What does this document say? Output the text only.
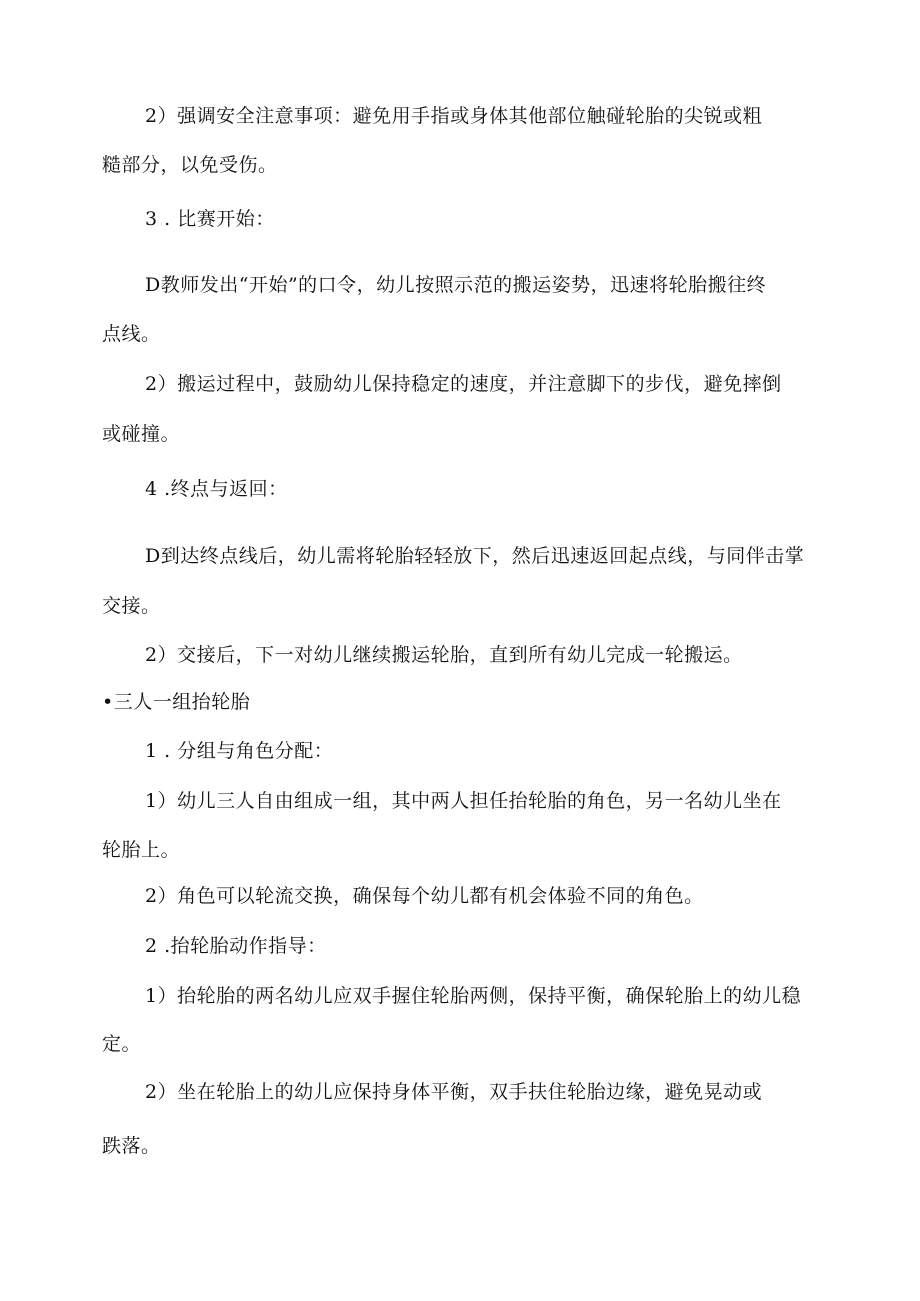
2）强调安全注意事项：避免用手指或身体其他部位触碰轮胎的尖锐或粗
糙部分，以免受伤。
3 . 比赛开始：
D教师发出“开始”的口令，幼儿按照示范的搬运姿势，迅速将轮胎搬往终
点线。
2）搬运过程中，鼓励幼儿保持稳定的速度，并注意脚下的步伐，避免摔倒
或碰撞。
4 .终点与返回：
D到达终点线后，幼儿需将轮胎轻轻放下，然后迅速返回起点线，与同伴击掌
交接。
2）交接后，下一对幼儿继续搬运轮胎，直到所有幼儿完成一轮搬运。
•三人一组抬轮胎
1 . 分组与角色分配：
1）幼儿三人自由组成一组，其中两人担任抬轮胎的角色，另一名幼儿坐在
轮胎上。
2）角色可以轮流交换，确保每个幼儿都有机会体验不同的角色。
2 .抬轮胎动作指导：
1）抬轮胎的两名幼儿应双手握住轮胎两侧，保持平衡，确保轮胎上的幼儿稳
定。
2）坐在轮胎上的幼儿应保持身体平衡，双手扶住轮胎边缘，避免晃动或
跌落。
